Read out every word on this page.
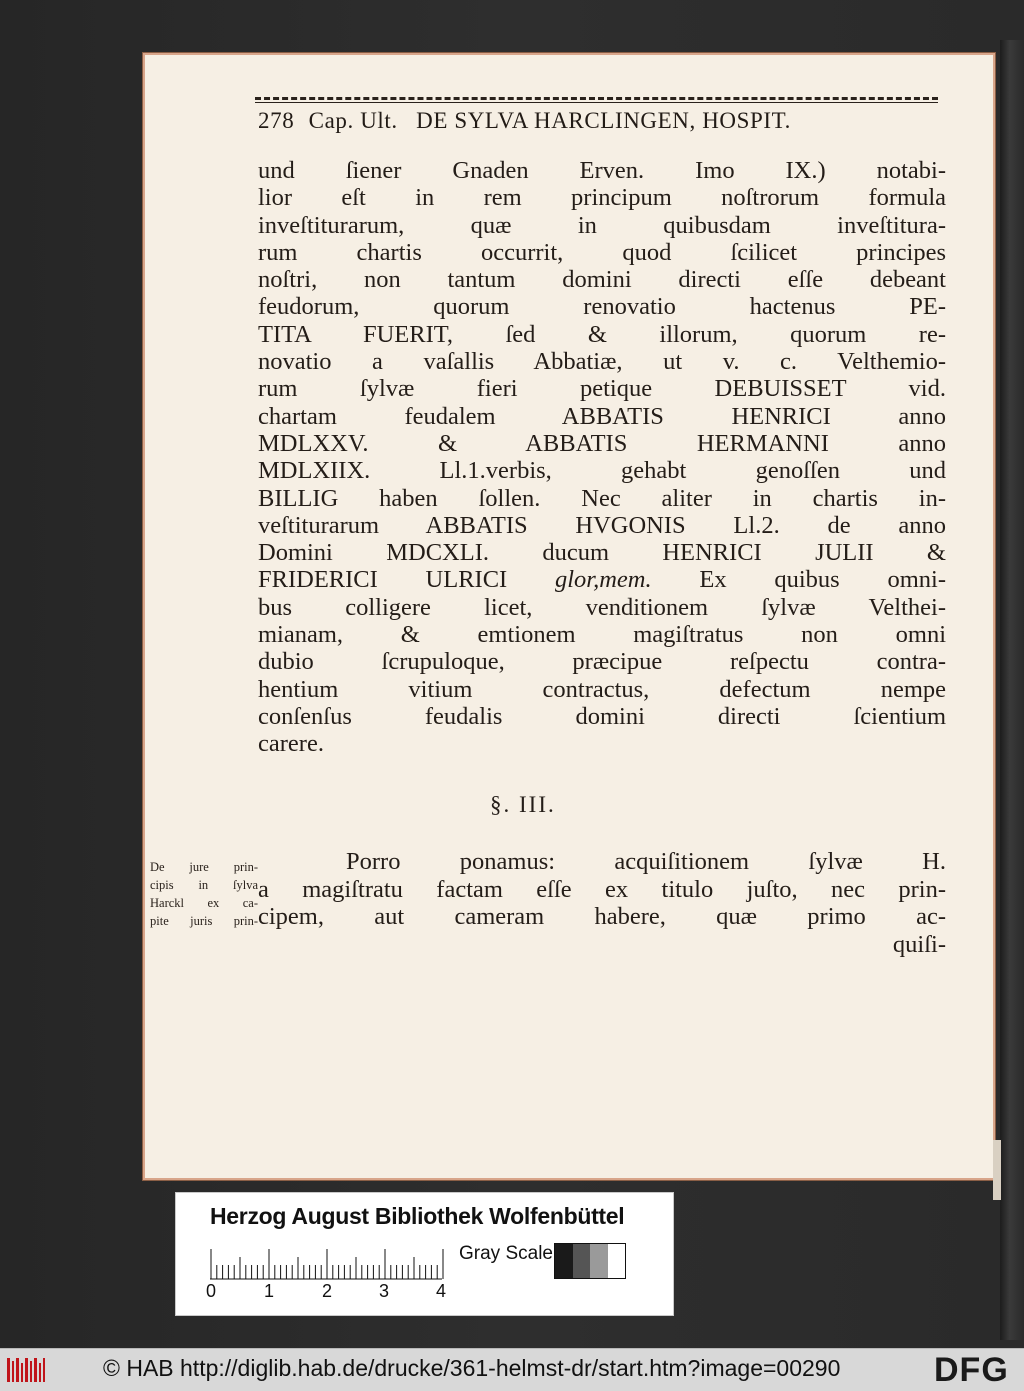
278 Cap. Ult. DE SYLVA HARCLINGEN, HOSPIT.
und ſiener Gnaden Erven. Imo IX.) notabi-
lior eſt in rem principum noſtrorum formula
inveſtiturarum, quæ in quibusdam inveſtitura-
rum chartis occurrit, quod ſcilicet principes
noſtri, non tantum domini directi eſſe debeant
feudorum, quorum renovatio hactenus PE-
TITA FUERIT, ſed & illorum, quorum re-
novatio a vaſallis Abbatiæ, ut v. c. Velthemio-
rum ſylvæ fieri petique DEBUISSET vid.
chartam feudalem ABBATIS HENRICI anno
MDLXXV. & ABBATIS HERMANNI anno
MDLXIIX. Ll.1.verbis, gehabt genoſſen und
BILLIG haben ſollen. Nec aliter in chartis in-
veſtiturarum ABBATIS HVGONIS Ll.2. de anno
Domini MDCXLI. ducum HENRICI JULII &
FRIDERICI ULRICI glor,mem. Ex quibus omni-
bus colligere licet, venditionem ſylvæ Velthei-
mianam, & emtionem magiſtratus non omni
dubio ſcrupuloque, præcipue reſpectu contra-
hentium vitium contractus, defectum nempe
conſenſus feudalis domini directi ſcientium
carere.
§. III.
De jure prin-
cipis in ſylva
Harckl ex ca-
pite juris prin-
Porro ponamus: acquiſitionem ſylvæ H.
a magiſtratu factam eſſe ex titulo juſto, nec prin-
cipem, aut cameram habere, quæ primo ac-
quiſi-
Herzog August Bibliothek Wolfenbüttel
0	1	2	3	4
Gray Scale
© HAB http://diglib.hab.de/drucke/361-helmst-dr/start.htm?image=00290	DFG
